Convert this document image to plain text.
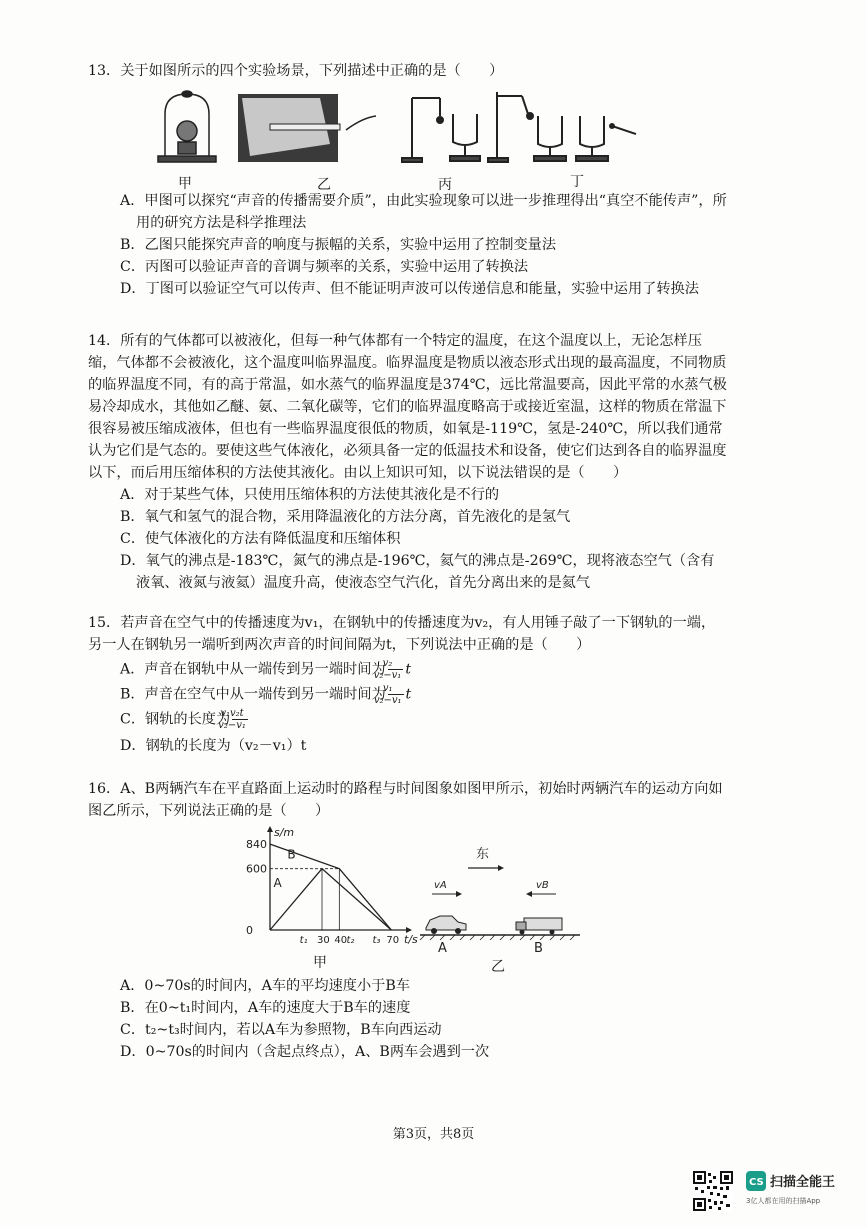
13．关于如图所示的四个实验场景，下列描述中正确的是（　　）
甲	乙	丙	丁
A．甲图可以探究“声音的传播需要介质”，由此实验现象可以进一步推理得出“真空不能传声”，所用的研究方法是科学推理法
B．乙图只能探究声音的响度与振幅的关系，实验中运用了控制变量法
C．丙图可以验证声音的音调与频率的关系，实验中运用了转换法
D．丁图可以验证空气可以传声、但不能证明声波可以传递信息和能量，实验中运用了转换法
14．所有的气体都可以被液化，但每一种气体都有一个特定的温度，在这个温度以上，无论怎样压缩，气体都不会被液化，这个温度叫临界温度。临界温度是物质以液态形式出现的最高温度，不同物质的临界温度不同，有的高于常温，如水蒸气的临界温度是374℃，远比常温要高，因此平常的水蒸气极易冷却成水，其他如乙醚、氨、二氧化碳等，它们的临界温度略高于或接近室温，这样的物质在常温下很容易被压缩成液体，但也有一些临界温度很低的物质，如氧是-119℃，氢是-240℃，所以我们通常认为它们是气态的。要使这些气体液化，必须具备一定的低温技术和设备，使它们达到各自的临界温度以下，而后用压缩体积的方法使其液化。由以上知识可知，以下说法错误的是（　　）
A．对于某些气体，只使用压缩体积的方法使其液化是不行的
B．氧气和氢气的混合物，采用降温液化的方法分离，首先液化的是氢气
C．使气体液化的方法有降低温度和压缩体积
D．氧气的沸点是-183℃，氮气的沸点是-196℃，氦气的沸点是-269℃，现将液态空气（含有液氧、液氮与液氦）温度升高，使液态空气汽化，首先分离出来的是氦气
15．若声音在空气中的传播速度为v₁，在钢轨中的传播速度为v₂，有人用锤子敲了一下钢轨的一端，另一人在钢轨另一端听到两次声音的时间间隔为t，下列说法中正确的是（　　）
A．声音在钢轨中从一端传到另一端时间为 $\frac{\text{v₂}}{\text{v₂−v₁}}$ t
B．声音在空气中从一端传到另一端时间为 $\frac{\text{v₁}}{\text{v₂−v₁}}$ t
C．钢轨的长度为 $\frac{\text{v₁v₂t}}{\text{v₂−v₁}}$
D．钢轨的长度为（v₂－v₁）t
16．A、B两辆汽车在平直路面上运动时的路程与时间图象如图甲所示，初始时两辆汽车的运动方向如图乙所示，下列说法正确的是（　　）
s/m
t/s
840
600
0
t₁ 30 40 t₂ t₃ 70
B
A
甲
东
vA	vB
A	B
乙
A．0~70s的时间内，A车的平均速度小于B车
B．在0~t₁时间内，A车的速度大于B车的速度
C．t₂~t₃时间内，若以A车为参照物，B车向西运动
D．0~70s的时间内（含起点终点），A、B两车会遇到一次
第3页，共8页
CS 扫描全能王
3亿人都在用的扫描App
